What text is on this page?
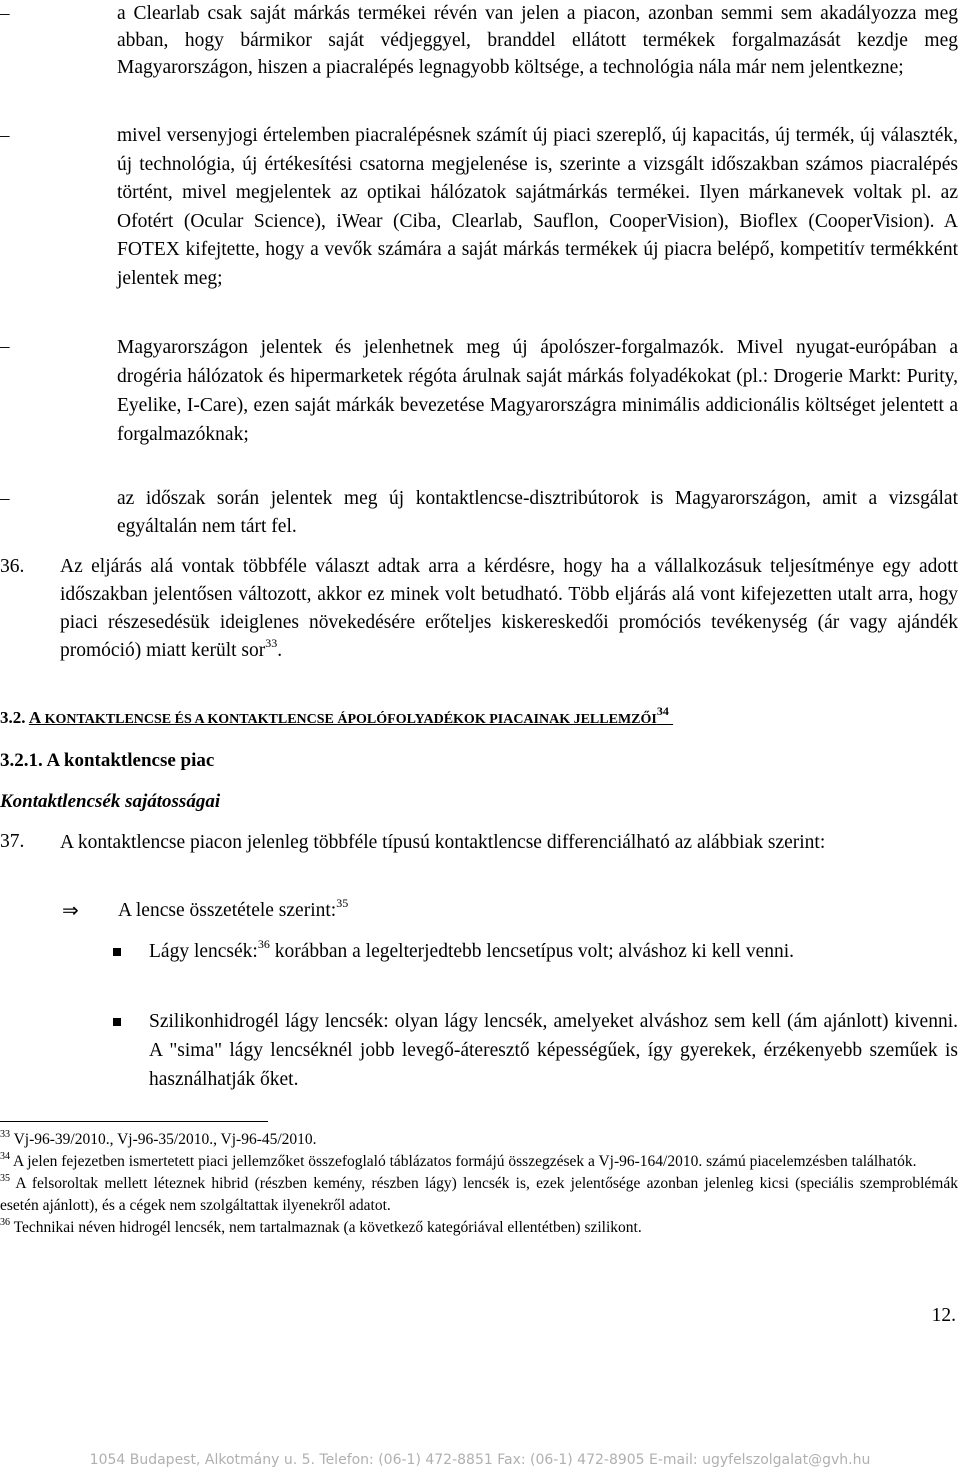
–	a Clearlab csak saját márkás termékei révén van jelen a piacon, azonban semmi sem akadályozza meg abban, hogy bármikor saját védjeggyel, branddel ellátott termékek forgalmazását kezdje meg Magyarországon, hiszen a piacralépés legnagyobb költsége, a technológia nála már nem jelentkezne;
–	mivel versenyjogi értelemben piacralépésnek számít új piaci szereplő, új kapacitás, új termék, új választék, új technológia, új értékesítési csatorna megjelenése is, szerinte a vizsgált időszakban számos piacralépés történt, mivel megjelentek az optikai hálózatok sajátmárkás termékei. Ilyen márkanevek voltak pl. az Ofotért (Ocular Science), iWear (Ciba, Clearlab, Sauflon, CooperVision), Bioflex (CooperVision). A FOTEX kifejtette, hogy a vevők számára a saját márkás termékek új piacra belépő, kompetitív termékként jelentek meg;
–	Magyarországon jelentek és jelenhetnek meg új ápolószer-forgalmazók. Mivel nyugat-európában a drogéria hálózatok és hipermarketek régóta árulnak saját márkás folyadékokat (pl.: Drogerie Markt: Purity, Eyelike, I-Care), ezen saját márkák bevezetése Magyarországra minimális addicionális költséget jelentett a forgalmazóknak;
–	az időszak során jelentek meg új kontaktlencse-disztribútorok is Magyarországon, amit a vizsgálat egyáltalán nem tárt fel.
36. Az eljárás alá vontak többféle választ adtak arra a kérdésre, hogy ha a vállalkozásuk teljesítménye egy adott időszakban jelentősen változott, akkor ez minek volt betudható. Több eljárás alá vont kifejezetten utalt arra, hogy piaci részesedésük ideiglenes növekedésére erőteljes kiskereskedői promóciós tevékenység (ár vagy ajándék promóció) miatt került sor$^{33}$.
3.2. A KONTAKTLENCSE ÉS A KONTAKTLENCSE ÁPOLÓFOLYADÉKOK PIACAINAK JELLEMZŐI$^{34}$
3.2.1. A kontaktlencse piac
Kontaktlencsék sajátosságai
37. A kontaktlencse piacon jelenleg többféle típusú kontaktlencse differenciálható az alábbiak szerint:
⇒ A lencse összetétele szerint:$^{35}$
Lágy lencsék:$^{36}$ korábban a legelterjedtebb lencsetípus volt; alváshoz ki kell venni.
Szilikonhidrogél lágy lencsék: olyan lágy lencsék, amelyeket alváshoz sem kell (ám ajánlott) kivenni. A "sima" lágy lencséknél jobb levegő-áteresztő képességűek, így gyerekek, érzékenyebb szeműek is használhatják őket.

$^{33}$ Vj-96-39/2010., Vj-96-35/2010., Vj-96-45/2010.

$^{34}$ A jelen fejezetben ismertetett piaci jellemzőket összefoglaló táblázatos formájú összegzések a Vj-96-164/2010. számú piacelemzésben találhatók.

$^{35}$ A felsoroltak mellett léteznek hibrid (részben kemény, részben lágy) lencsék is, ezek jelentősége azonban jelenleg kicsi (speciális szemproblémák esetén ajánlott), és a cégek nem szolgáltattak ilyenekről adatot.

$^{36}$ Technikai néven hidrogél lencsék, nem tartalmaznak (a következő kategóriával ellentétben) szilikont.

12.
1054 Budapest, Alkotmány u. 5. Telefon: (06-1) 472-8851 Fax: (06-1) 472-8905 E-mail: ugyfelszolgalat@gvh.hu
